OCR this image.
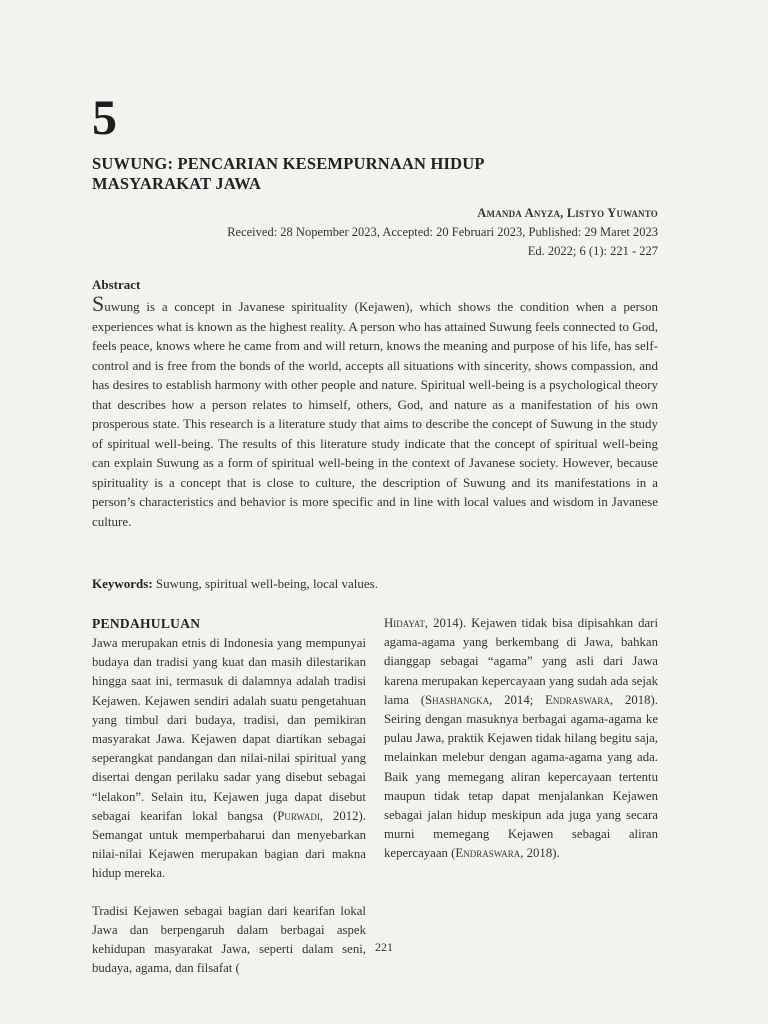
5
SUWUNG: PENCARIAN KESEMPURNAAN HIDUP
MASYARAKAT JAWA
Amanda Anyza, Listyo Yuwanto
Received: 28 Nopember 2023, Accepted: 20 Februari 2023, Published: 29 Maret 2023
Ed. 2022; 6 (1): 221 - 227
Abstract
Suwung is a concept in Javanese spirituality (Kejawen), which shows the condition when a person experiences what is known as the highest reality. A person who has attained Suwung feels connected to God, feels peace, knows where he came from and will return, knows the meaning and purpose of his life, has self-control and is free from the bonds of the world, accepts all situations with sincerity, shows compassion, and has desires to establish harmony with other people and nature. Spiritual well-being is a psychological theory that describes how a person relates to himself, others, God, and nature as a manifestation of his own prosperous state. This research is a literature study that aims to describe the concept of Suwung in the study of spiritual well-being. The results of this literature study indicate that the concept of spiritual well-being can explain Suwung as a form of spiritual well-being in the context of Javanese society. However, because spirituality is a concept that is close to culture, the description of Suwung and its manifestations in a person’s characteristics and behavior is more specific and in line with local values and wisdom in Javanese culture.
Keywords: Suwung, spiritual well-being, local values.
PENDAHULUAN

Jawa merupakan etnis di Indonesia yang mempunyai budaya dan tradisi yang kuat dan masih dilestarikan hingga saat ini, termasuk di dalamnya adalah tradisi Kejawen. Kejawen sendiri adalah suatu pengetahuan yang timbul dari budaya, tradisi, dan pemikiran masyarakat Jawa. Kejawen dapat diartikan sebagai seperangkat pandangan dan nilai-nilai spiritual yang disertai dengan perilaku sadar yang disebut sebagai “lelakon”. Selain itu, Kejawen juga dapat disebut sebagai kearifan lokal bangsa (Purwadi, 2012). Semangat untuk memperbaharui dan menyebarkan nilai-nilai Kejawen merupakan bagian dari makna hidup mereka.

Tradisi Kejawen sebagai bagian dari kearifan lokal Jawa dan berpengaruh dalam berbagai aspek kehidupan masyarakat Jawa, seperti dalam seni, budaya, agama, dan filsafat (

Hidayat, 2014). Kejawen tidak bisa dipisahkan dari agama-agama yang berkembang di Jawa, bahkan dianggap sebagai “agama” yang asli dari Jawa karena merupakan kepercayaan yang sudah ada sejak lama (Shashangka, 2014; Endraswara, 2018). Seiring dengan masuknya berbagai agama-agama ke pulau Jawa, praktik Kejawen tidak hilang begitu saja, melainkan melebur dengan agama-agama yang ada. Baik yang memegang aliran kepercayaan tertentu maupun tidak tetap dapat menjalankan Kejawen sebagai jalan hidup meskipun ada juga yang secara murni memegang Kejawen sebagai aliran kepercayaan (Endraswara, 2018).

221
